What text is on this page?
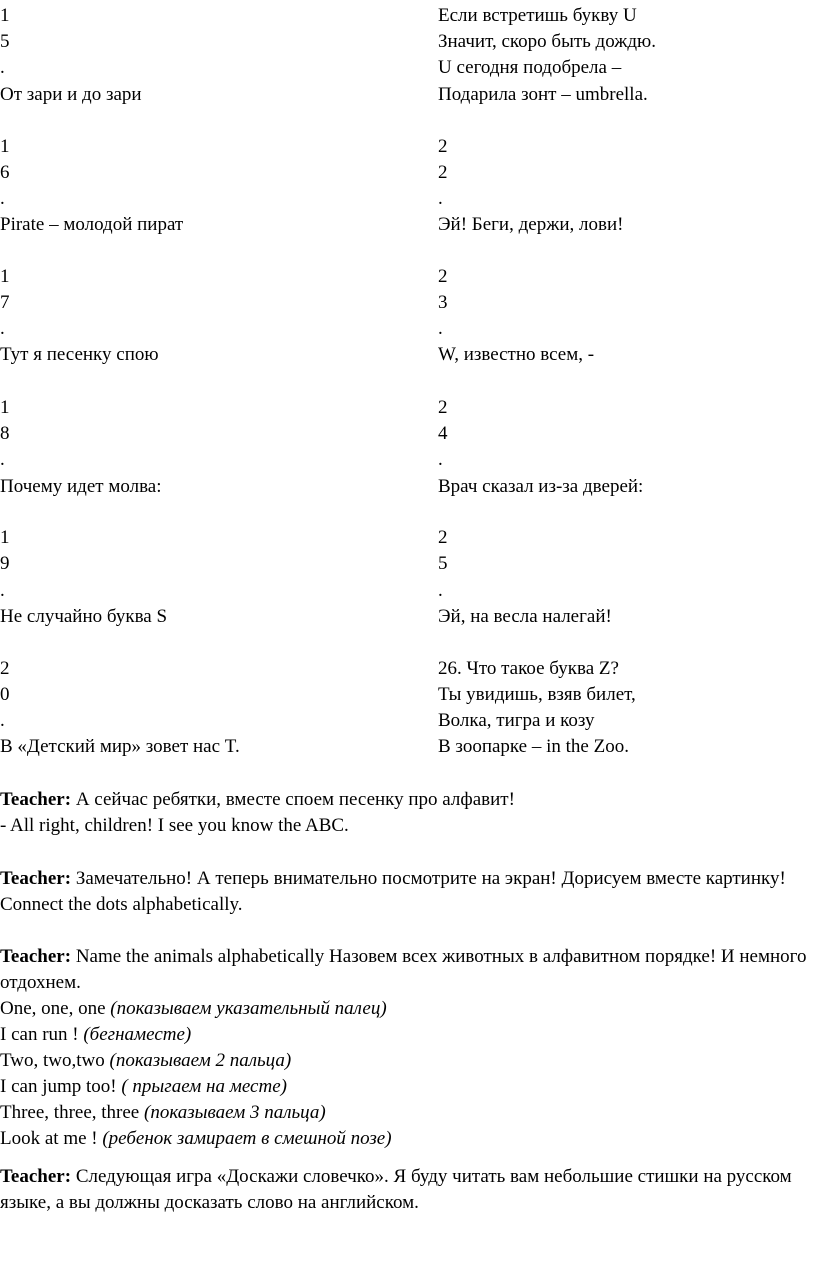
1
5
.
От зари и до зари
1
6
.
Pirate – молодой пират
1
7
.
Тут я песенку спою
1
8
.
Почему идет молва:
1
9
.
Не случайно буква S
2
0
.
В «Детский мир» зовет нас T.
Если встретишь букву U
Значит, скоро быть дождю.
U сегодня подобрела –
Подарила зонт – umbrella.
2
2
.
Эй! Беги, держи, лови!
2
3
.
W, известно всем, -
2
4
.
Врач сказал из-за дверей:
2
5
.
Эй, на весла налегай!
26. Что такое буква Z?
Ты увидишь, взяв билет,
Волка, тигра и козу
В зоопарке – in the Zoo.

Teacher: А сейчас ребятки, вместе споем песенку про алфавит!

- All right, children! I see you know the ABC.

Teacher: Замечательно! А теперь внимательно посмотрите на экран! Дорисуем вместе картинку! Connect the dots alphabetically.

Teacher: Name the animals alphabetically Назовем всех животных в алфавитном порядке! И немного отдохнем.

One, one, one (показываем указательный палец)

I can run ! (бегнаместе)

Two, two,two (показываем 2 пальца)

I can jump too! ( прыгаем на месте)

Three, three, three (показываем 3 пальца)

Look at me ! (ребенок замирает в смешной позе)

Teacher: Следующая игра «Доскажи словечко». Я буду читать вам небольшие стишки на русском языке, а вы должны досказать слово на английском.
